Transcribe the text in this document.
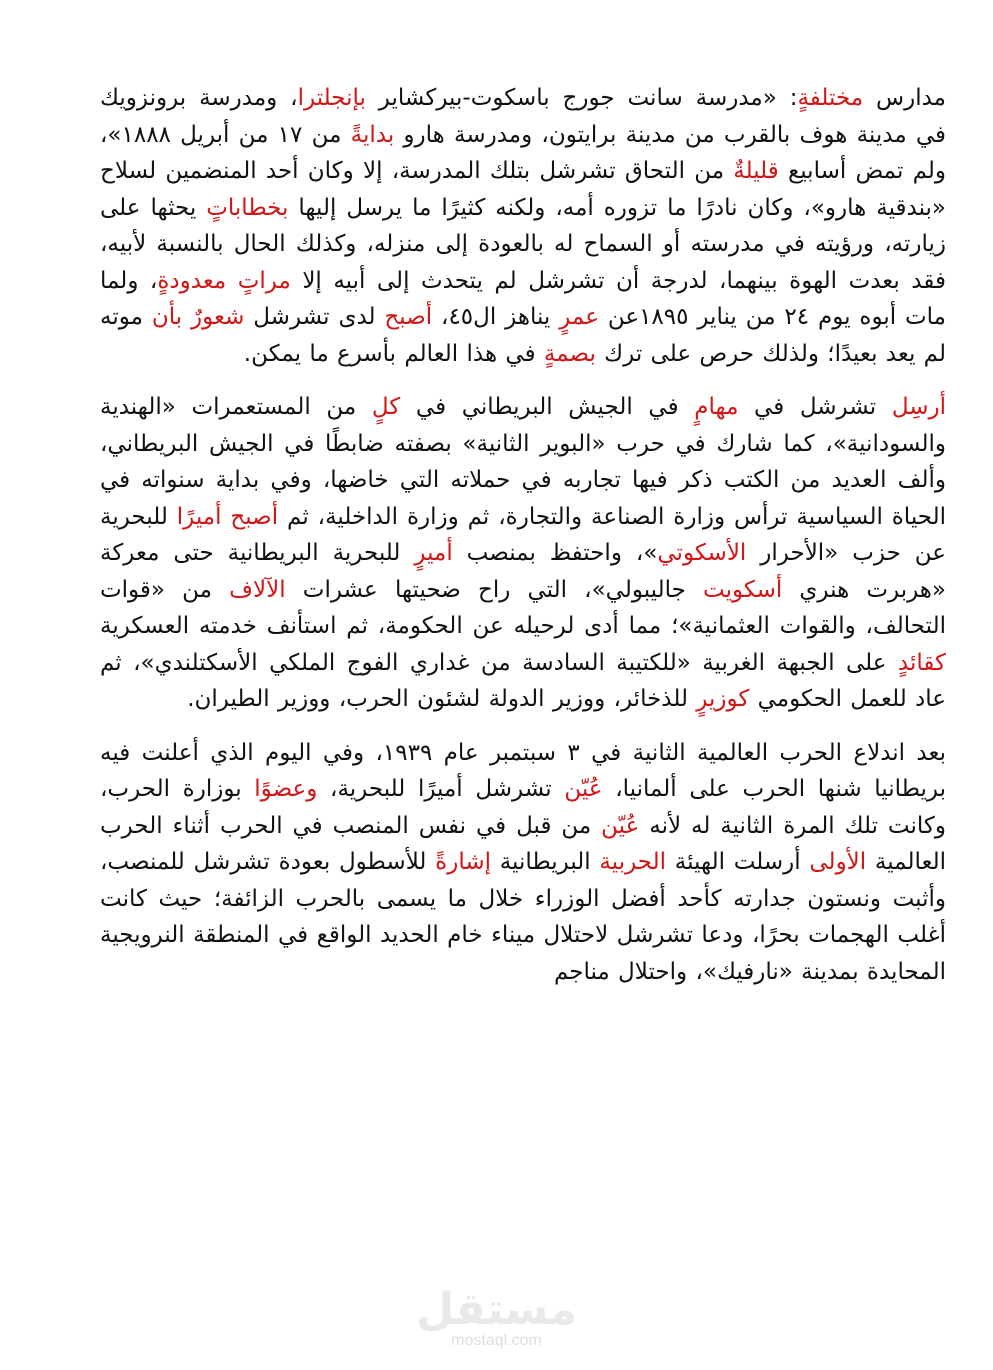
مدارس مختلفةٍ: «مدرسة سانت جورج باسكوت-بيركشاير بإنجلترا، ومدرسة برونزويك في مدينة هوف بالقرب من مدينة برايتون، ومدرسة هارو بدايةً من ١٧ من أبريل ١٨٨٨»، ولم تمض أسابيع قليلةٌ من التحاق تشرشل بتلك المدرسة، إلا وكان أحد المنضمين لسلاح «بندقية هارو»، وكان نادرًا ما تزوره أمه، ولكنه كثيرًا ما يرسل إليها بخطاباتٍ يحثها على زيارته، ورؤيته في مدرسته أو السماح له بالعودة إلى منزله، وكذلك الحال بالنسبة لأبيه، فقد بعدت الهوة بينهما، لدرجة أن تشرشل لم يتحدث إلى أبيه إلا مراتٍ معدودةٍ، ولما مات أبوه يوم ٢٤ من يناير ١٨٩٥عن عمرٍ يناهز ال٤٥، أصبح لدى تشرشل شعورٌ بأن موته لم يعد بعيدًا؛ ولذلك حرص على ترك بصمةٍ في هذا العالم بأسرع ما يمكن.

أرسِل تشرشل في مهامٍ في الجيش البريطاني في كلٍ من المستعمرات «الهندية والسودانية»، كما شارك في حرب «البوير الثانية» بصفته ضابطًا في الجيش البريطاني، وألف العديد من الكتب ذكر فيها تجاربه في حملاته التي خاضها، وفي بداية سنواته في الحياة السياسية ترأس وزارة الصناعة والتجارة، ثم وزارة الداخلية، ثم أصبح أميرًا للبحرية عن حزب «الأحرار الأسكوتي»، واحتفظ بمنصب أميرٍ للبحرية البريطانية حتى معركة «هربرت هنري أسكويت جاليبولي»، التي راح ضحيتها عشرات الآلاف من «قوات التحالف، والقوات العثمانية»؛ مما أدى لرحيله عن الحكومة، ثم استأنف خدمته العسكرية كقائدٍ على الجبهة الغربية «للكتيبة السادسة من غداري الفوج الملكي الأسكتلندي»، ثم عاد للعمل الحكومي كوزيرٍ للذخائر، ووزير الدولة لشئون الحرب، ووزير الطيران.

بعد اندلاع الحرب العالمية الثانية في ٣ سبتمبر عام ١٩٣٩، وفي اليوم الذي أعلنت فيه بريطانيا شنها الحرب على ألمانيا، عُيّن تشرشل أميرًا للبحرية، وعضوًا بوزارة الحرب، وكانت تلك المرة الثانية له لأنه عُيّن من قبل في نفس المنصب في الحرب أثناء الحرب العالمية الأولى أرسلت الهيئة الحربية البريطانية إشارةً للأسطول بعودة تشرشل للمنصب، وأثبت ونستون جدارته كأحد أفضل الوزراء خلال ما يسمى بالحرب الزائفة؛ حيث كانت أغلب الهجمات بحرًا، ودعا تشرشل لاحتلال ميناء خام الحديد الواقع في المنطقة النرويجية المحايدة بمدينة «نارفيك»، واحتلال مناجم

مستقل
mostaql.com
